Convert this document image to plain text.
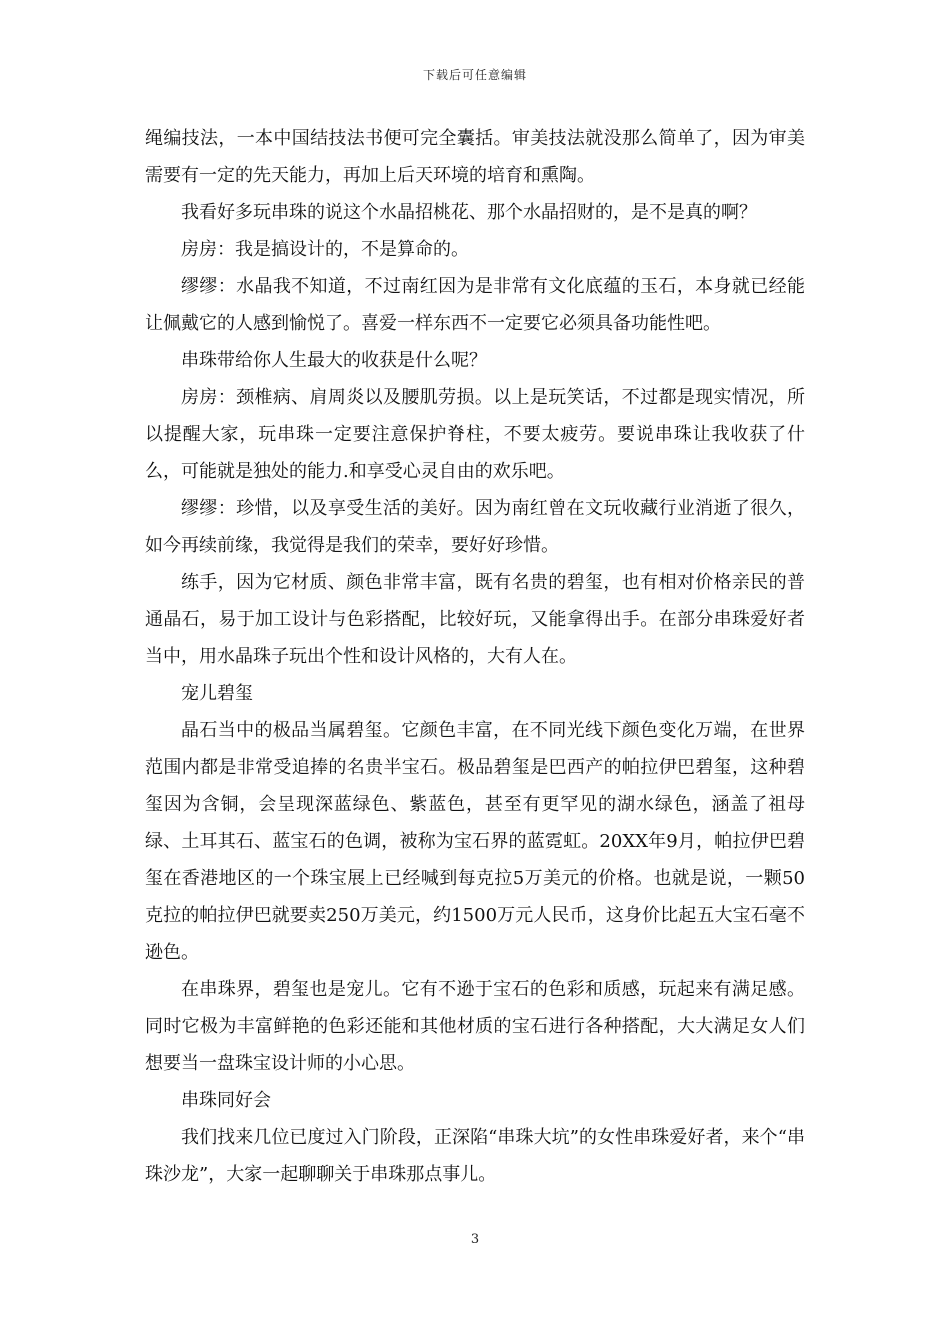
下载后可任意编辑

绳编技法，一本中国结技法书便可完全囊括。审美技法就没那么简单了，因为审美需要有一定的先天能力，再加上后天环境的培育和熏陶。

我看好多玩串珠的说这个水晶招桃花、那个水晶招财的，是不是真的啊？

房房：我是搞设计的，不是算命的。

缪缪：水晶我不知道，不过南红因为是非常有文化底蕴的玉石，本身就已经能让佩戴它的人感到愉悦了。喜爱一样东西不一定要它必须具备功能性吧。

串珠带给你人生最大的收获是什么呢？

房房：颈椎病、肩周炎以及腰肌劳损。以上是玩笑话，不过都是现实情况，所以提醒大家，玩串珠一定要注意保护脊柱，不要太疲劳。要说串珠让我收获了什么，可能就是独处的能力.和享受心灵自由的欢乐吧。

缪缪：珍惜，以及享受生活的美好。因为南红曾在文玩收藏行业消逝了很久，如今再续前缘，我觉得是我们的荣幸，要好好珍惜。

练手，因为它材质、颜色非常丰富，既有名贵的碧玺，也有相对价格亲民的普通晶石，易于加工设计与色彩搭配，比较好玩，又能拿得出手。在部分串珠爱好者当中，用水晶珠子玩出个性和设计风格的，大有人在。

宠儿碧玺

晶石当中的极品当属碧玺。它颜色丰富，在不同光线下颜色变化万端，在世界范围内都是非常受追捧的名贵半宝石。极品碧玺是巴西产的帕拉伊巴碧玺，这种碧玺因为含铜，会呈现深蓝绿色、紫蓝色，甚至有更罕见的湖水绿色，涵盖了祖母绿、土耳其石、蓝宝石的色调，被称为宝石界的蓝霓虹。20XX年9月，帕拉伊巴碧玺在香港地区的一个珠宝展上已经喊到每克拉5万美元的价格。也就是说，一颗50克拉的帕拉伊巴就要卖250万美元，约1500万元人民币，这身价比起五大宝石毫不逊色。

在串珠界，碧玺也是宠儿。它有不逊于宝石的色彩和质感，玩起来有满足感。同时它极为丰富鲜艳的色彩还能和其他材质的宝石进行各种搭配，大大满足女人们想要当一盘珠宝设计师的小心思。

串珠同好会

我们找来几位已度过入门阶段，正深陷“串珠大坑”的女性串珠爱好者，来个“串珠沙龙”，大家一起聊聊关于串珠那点事儿。

3
